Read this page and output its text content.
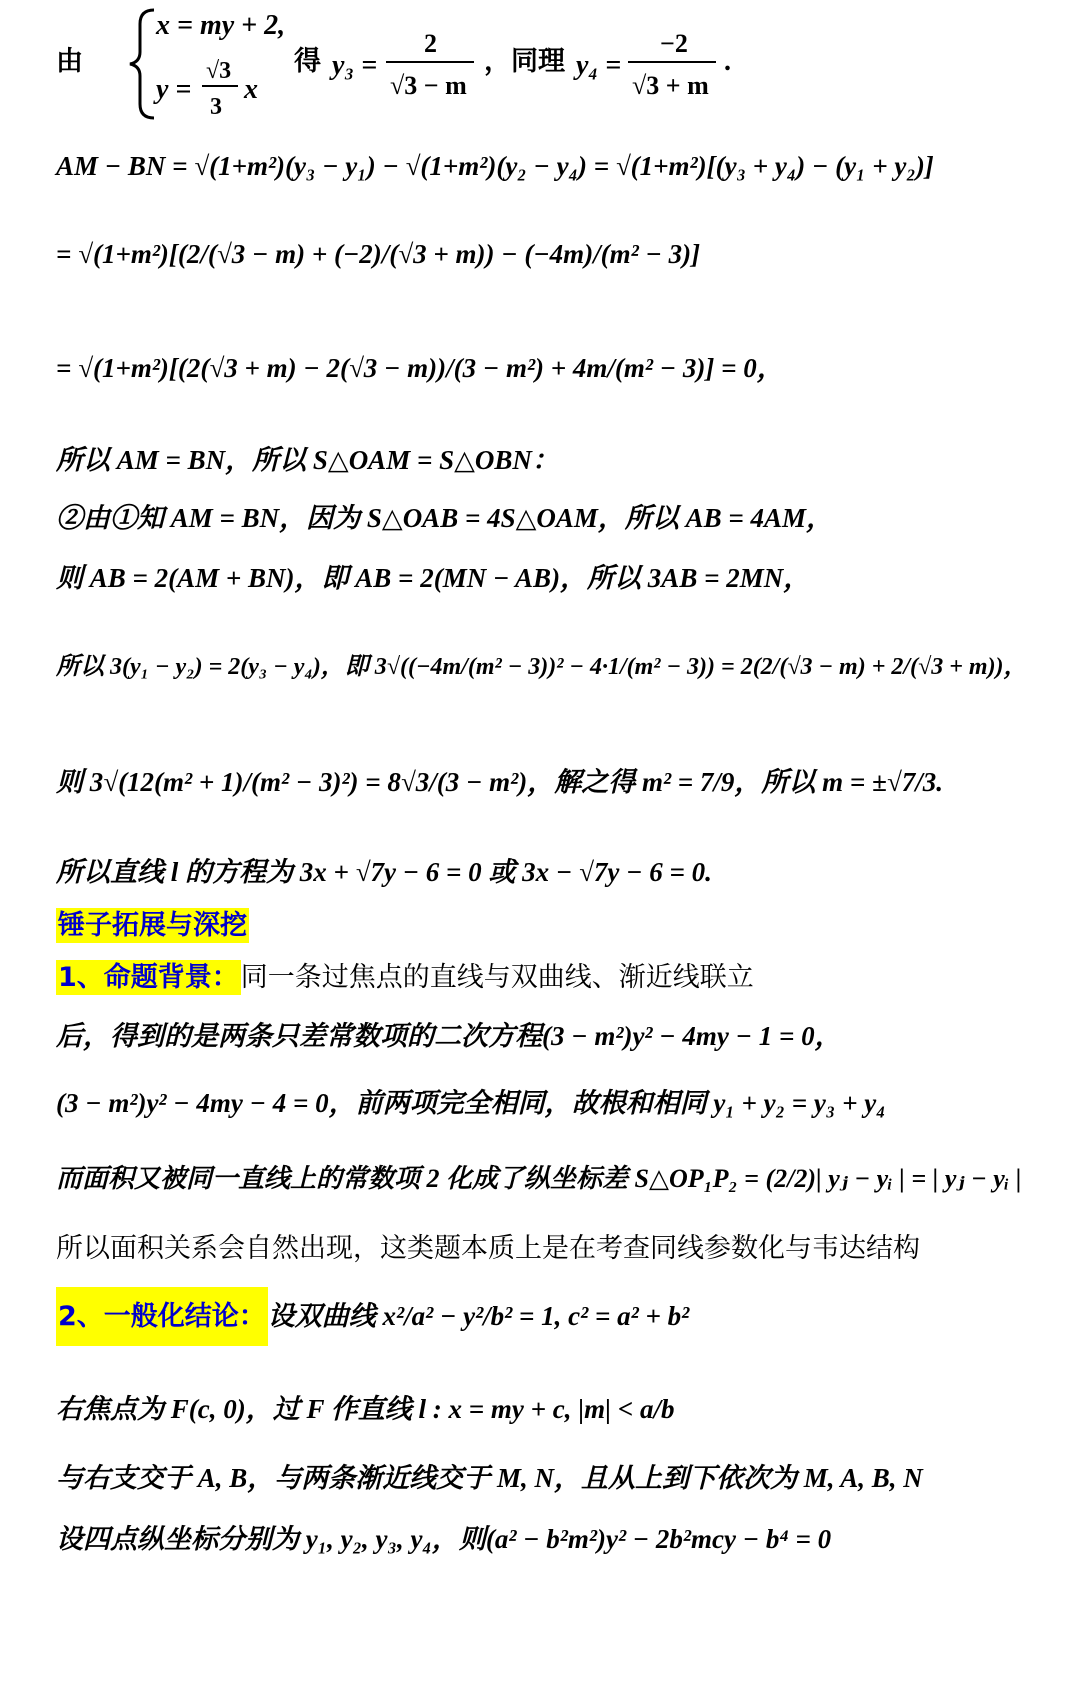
由
x = my + 2,
y =
√3
3
x
得 y₃ =
2
√3 − m
，同理 y₄ =
−2
√3 + m
.
AM − BN = √(1+m²)(y₃ − y₁) − √(1+m²)(y₂ − y₄) = √(1+m²)[(y₃ + y₄) − (y₁ + y₂)]
= √(1+m²)[(2/(√3 − m) + (−2)/(√3 + m)) − (−4m)/(m² − 3)]
= √(1+m²)[(2(√3 + m) − 2(√3 − m))/(3 − m²) + 4m/(m² − 3)] = 0，
所以 AM = BN，所以 S△OAM = S△OBN：
②由①知 AM = BN，因为 S△OAB = 4S△OAM，所以 AB = 4AM，
则 AB = 2(AM + BN)，即 AB = 2(MN − AB)，所以 3AB = 2MN，
所以 3(y₁ − y₂) = 2(y₃ − y₄)，即 3√((−4m/(m² − 3))² − 4·1/(m² − 3)) = 2(2/(√3 − m) + 2/(√3 + m))，
则 3√(12(m² + 1)/(m² − 3)²) = 8√3/(3 − m²)，解之得 m² = 7/9，所以 m = ±√7/3.
所以直线 l 的方程为 3x + √7y − 6 = 0 或 3x − √7y − 6 = 0.
锤子拓展与深挖
1、命题背景：同一条过焦点的直线与双曲线、渐近线联立
后，得到的是两条只差常数项的二次方程(3 − m²)y² − 4my − 1 = 0，
(3 − m²)y² − 4my − 4 = 0，前两项完全相同，故根和相同 y₁ + y₂ = y₃ + y₄
而面积又被同一直线上的常数项 2 化成了纵坐标差 S△OP₁P₂ = (2/2)| yⱼ − yᵢ | = | yⱼ − yᵢ |
所以面积关系会自然出现，这类题本质上是在考查同线参数化与韦达结构
2、一般化结论：设双曲线 x²/a² − y²/b² = 1, c² = a² + b²
右焦点为 F(c, 0)，过 F 作直线 l : x = my + c, |m| < a/b
与右支交于 A, B，与两条渐近线交于 M, N，且从上到下依次为 M, A, B, N
设四点纵坐标分别为 y₁, y₂, y₃, y₄，则(a² − b²m²)y² − 2b²mcy − b⁴ = 0
